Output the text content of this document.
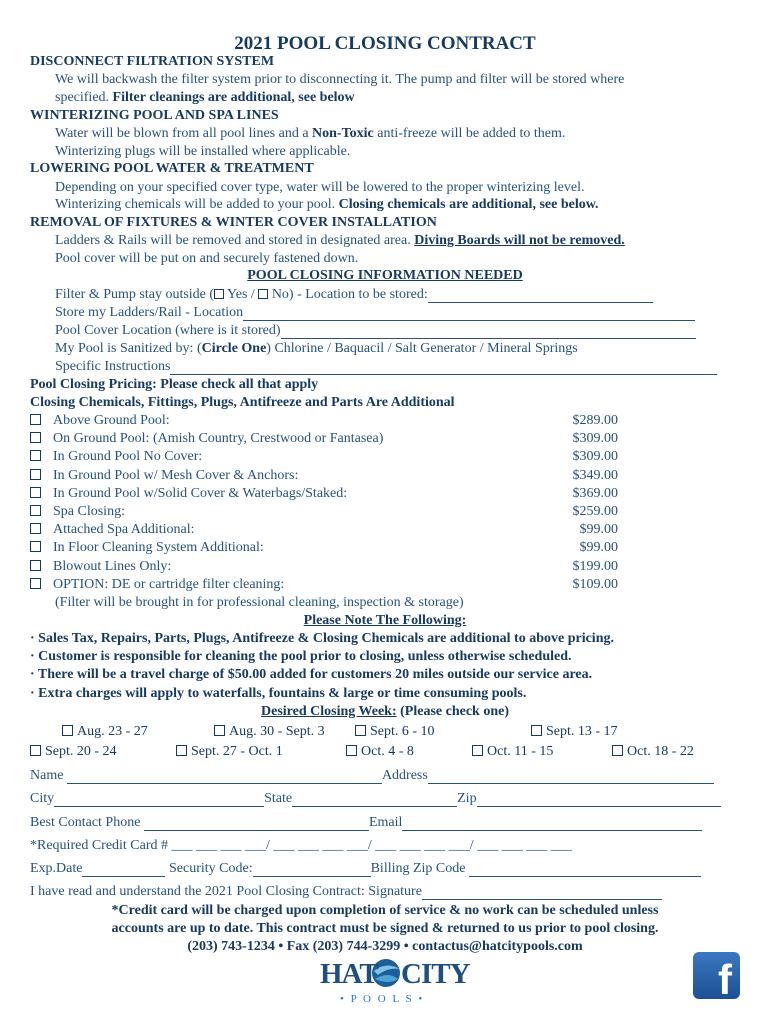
2021 POOL CLOSING CONTRACT
DISCONNECT FILTRATION SYSTEM
We will backwash the filter system prior to disconnecting it. The pump and filter will be stored where
specified. Filter cleanings are additional, see below
WINTERIZING POOL AND SPA LINES
Water will be blown from all pool lines and a Non-Toxic anti-freeze will be added to them.
Winterizing plugs will be installed where applicable.
LOWERING POOL WATER & TREATMENT
Depending on your specified cover type, water will be lowered to the proper winterizing level.
Winterizing chemicals will be added to your pool. Closing chemicals are additional, see below.
REMOVAL OF FIXTURES & WINTER COVER INSTALLATION
Ladders & Rails will be removed and stored in designated area. Diving Boards will not be removed.
Pool cover will be put on and securely fastened down.
POOL CLOSING INFORMATION NEEDED
Filter & Pump stay outside ( Yes / No) - Location to be stored:
Store my Ladders/Rail - Location
Pool Cover Location (where is it stored)
My Pool is Sanitized by: (Circle One) Chlorine / Baquacil / Salt Generator / Mineral Springs
Specific Instructions
Pool Closing Pricing: Please check all that apply
Closing Chemicals, Fittings, Plugs, Antifreeze and Parts Are Additional
Above Ground Pool:	$289.00
On Ground Pool: (Amish Country, Crestwood or Fantasea)	$309.00
In Ground Pool No Cover:	$309.00
In Ground Pool w/ Mesh Cover & Anchors:	$349.00
In Ground Pool w/Solid Cover & Waterbags/Staked:	$369.00
Spa Closing:	$259.00
Attached Spa Additional:	$99.00
In Floor Cleaning System Additional:	$99.00
Blowout Lines Only:	$199.00
OPTION: DE or cartridge filter cleaning:	$109.00
(Filter will be brought in for professional cleaning, inspection & storage)
Please Note The Following:
· Sales Tax, Repairs, Parts, Plugs, Antifreeze & Closing Chemicals are additional to above pricing.
· Customer is responsible for cleaning the pool prior to closing, unless otherwise scheduled.
· There will be a travel charge of $50.00 added for customers 20 miles outside our service area.
· Extra charges will apply to waterfalls, fountains & large or time consuming pools.
Desired Closing Week: (Please check one)
Aug. 23 - 27	Aug. 30 - Sept. 3	Sept. 6 - 10	Sept. 13 - 17
Sept. 20 - 24	Sept. 27 - Oct. 1	Oct. 4 - 8	Oct. 11 - 15	Oct. 18 - 22
Name	Address
City	State	Zip
Best Contact Phone	Email
*Required Credit Card # ___ ___ ___ ___/ ___ ___ ___ ___/ ___ ___ ___ ___/ ___ ___ ___ ___
Exp.Date	Security Code:	Billing Zip Code
I have read and understand the 2021 Pool Closing Contract: Signature
*Credit card will be charged upon completion of service & no work can be scheduled unless
accounts are up to date. This contract must be signed & returned to us prior to pool closing.
(203) 743-1234 • Fax (203) 744-3299 • contactus@hatcitypools.com
HAT CITY
• P O O L S •	f
